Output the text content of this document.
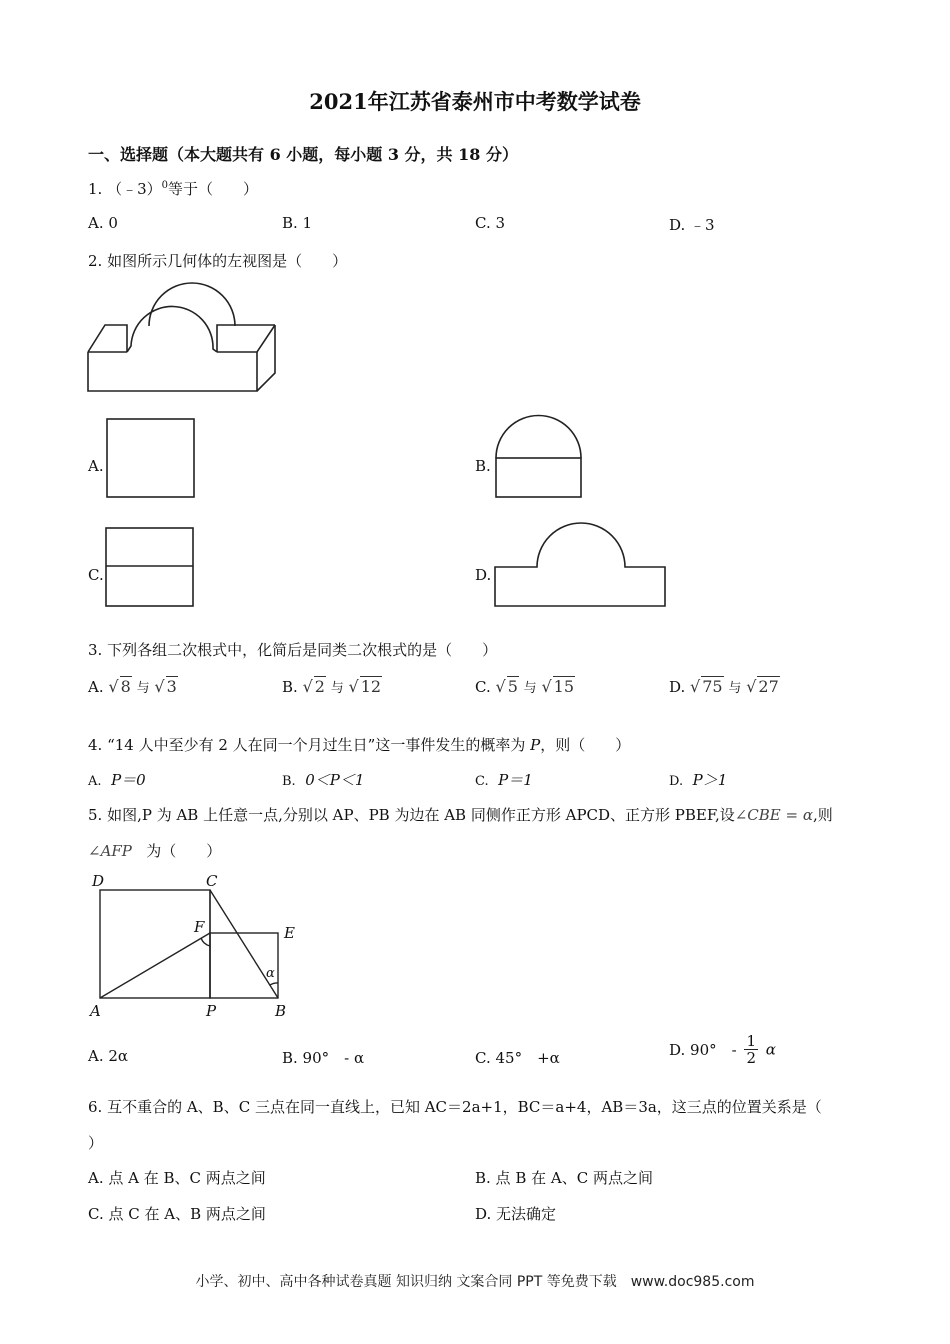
2021年江苏省泰州市中考数学试卷
一、选择题（本大题共有 6 小题，每小题 3 分，共 18 分）
1. （﹣3）$^0$等于（　　）
A. 0	B. 1	C. 3	D. ﹣3
2. 如图所示几何体的左视图是（　　）
A.	B.
C.	D.
3. 下列各组二次根式中，化简后是同类二次根式的是（　　）
A. √ 8 与 √ 3	B. √ 2 与 √ 12	C. √ 5 与 √ 15	D. √ 75 与 √ 27
4. “14 人中至少有 2 人在同一个月过生日”这一事件发生的概率为 P，则（　　）
A. P＝0	B. 0＜P＜1	C. P＝1	D. P＞1
5. 如图,P 为 AB 上任意一点,分别以 AP、PB 为边在 AB 同侧作正方形 APCD、正方形 PBEF,设∠CBE = α,则
∠AFP 为（　　）
D	C
F	E
α
A	P	B
A. 2α	B. 90°　- α	C. 45°　+α	D. 90°　- $\frac{1}{2}$ α
6. 互不重合的 A、B、C 三点在同一直线上，已知 AC＝2a+1，BC＝a+4，AB＝3a，这三点的位置关系是（
）
A. 点 A 在 B、C 两点之间	B. 点 B 在 A、C 两点之间
C. 点 C 在 A、B 两点之间	D. 无法确定
小学、初中、高中各种试卷真题 知识归纳 文案合同 PPT 等免费下载　www.doc985.com
